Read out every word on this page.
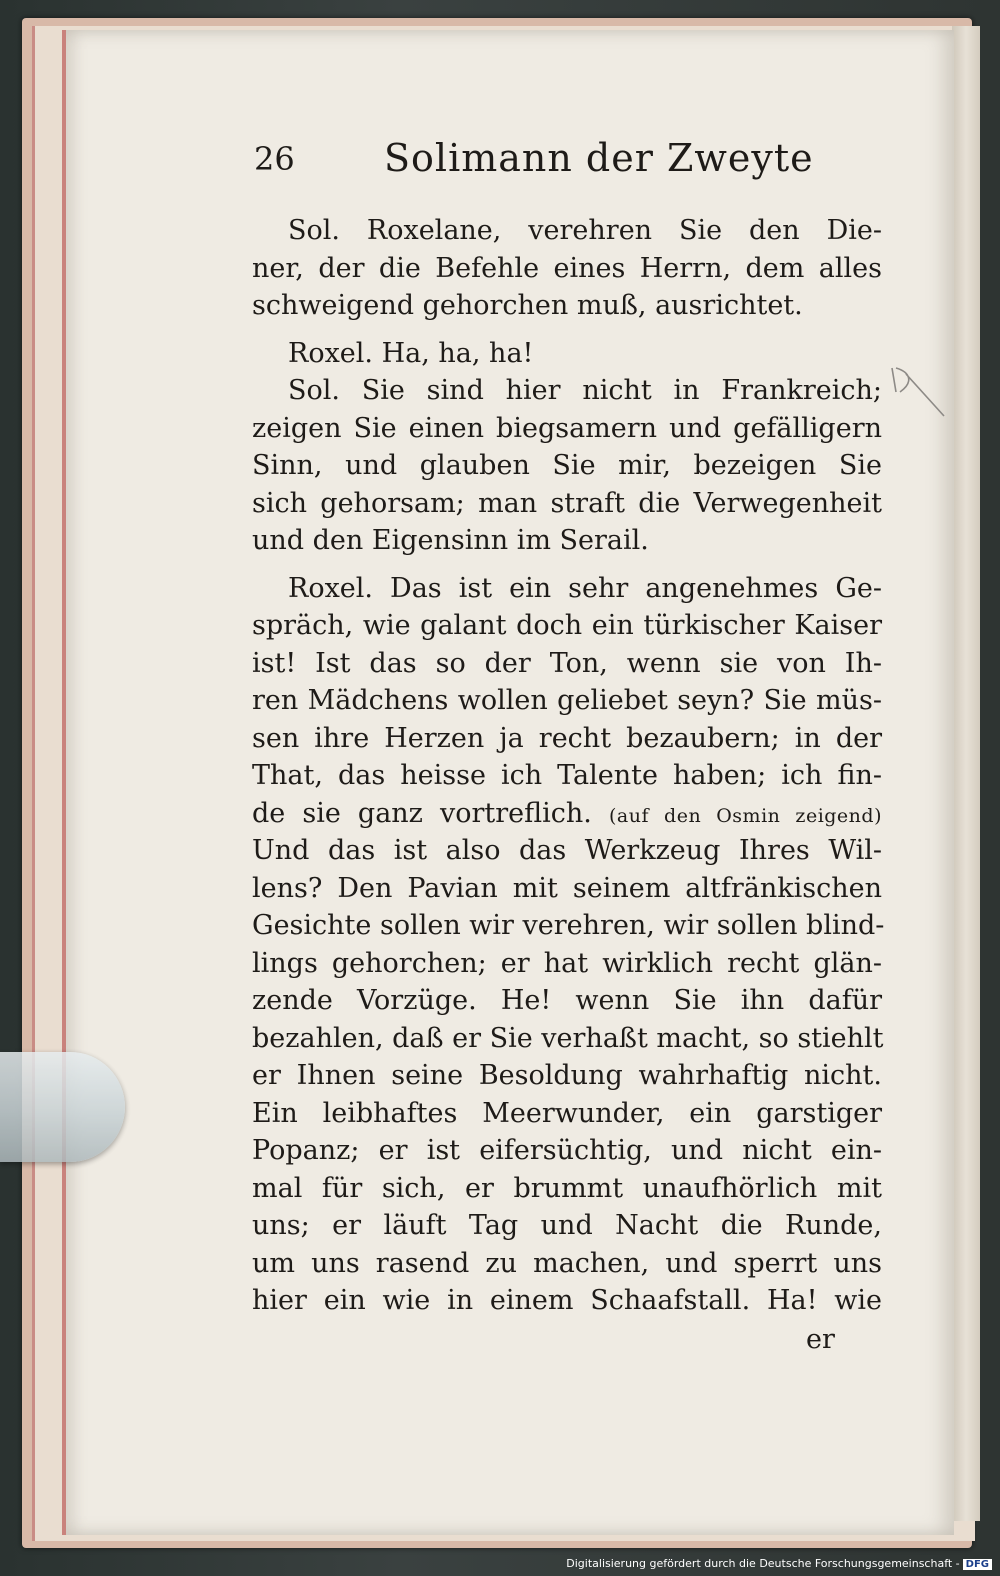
26 Solimann der Zweyte
Sol. Roxelane, verehren Sie den Die-
ner, der die Befehle eines Herrn, dem alles
schweigend gehorchen muß, ausrichtet.
Roxel. Ha, ha, ha!
Sol. Sie sind hier nicht in Frankreich;
zeigen Sie einen biegsamern und gefälligern
Sinn, und glauben Sie mir, bezeigen Sie
sich gehorsam; man straft die Verwegenheit
und den Eigensinn im Serail.
Roxel. Das ist ein sehr angenehmes Ge-
spräch, wie galant doch ein türkischer Kaiser
ist! Ist das so der Ton, wenn sie von Ih-
ren Mädchens wollen geliebet seyn? Sie müs-
sen ihre Herzen ja recht bezaubern; in der
That, das heisse ich Talente haben; ich fin-
de sie ganz vortreflich. (auf den Osmin zeigend)
Und das ist also das Werkzeug Ihres Wil-
lens? Den Pavian mit seinem altfränkischen
Gesichte sollen wir verehren, wir sollen blind-
lings gehorchen; er hat wirklich recht glän-
zende Vorzüge. He! wenn Sie ihn dafür
bezahlen, daß er Sie verhaßt macht, so stiehlt
er Ihnen seine Besoldung wahrhaftig nicht.
Ein leibhaftes Meerwunder, ein garstiger
Popanz; er ist eifersüchtig, und nicht ein-
mal für sich, er brummt unaufhörlich mit
uns; er läuft Tag und Nacht die Runde,
um uns rasend zu machen, und sperrt uns
hier ein wie in einem Schaafstall. Ha! wie
er
Digitalisierung gefördert durch die Deutsche Forschungsgemeinschaft - DFG
